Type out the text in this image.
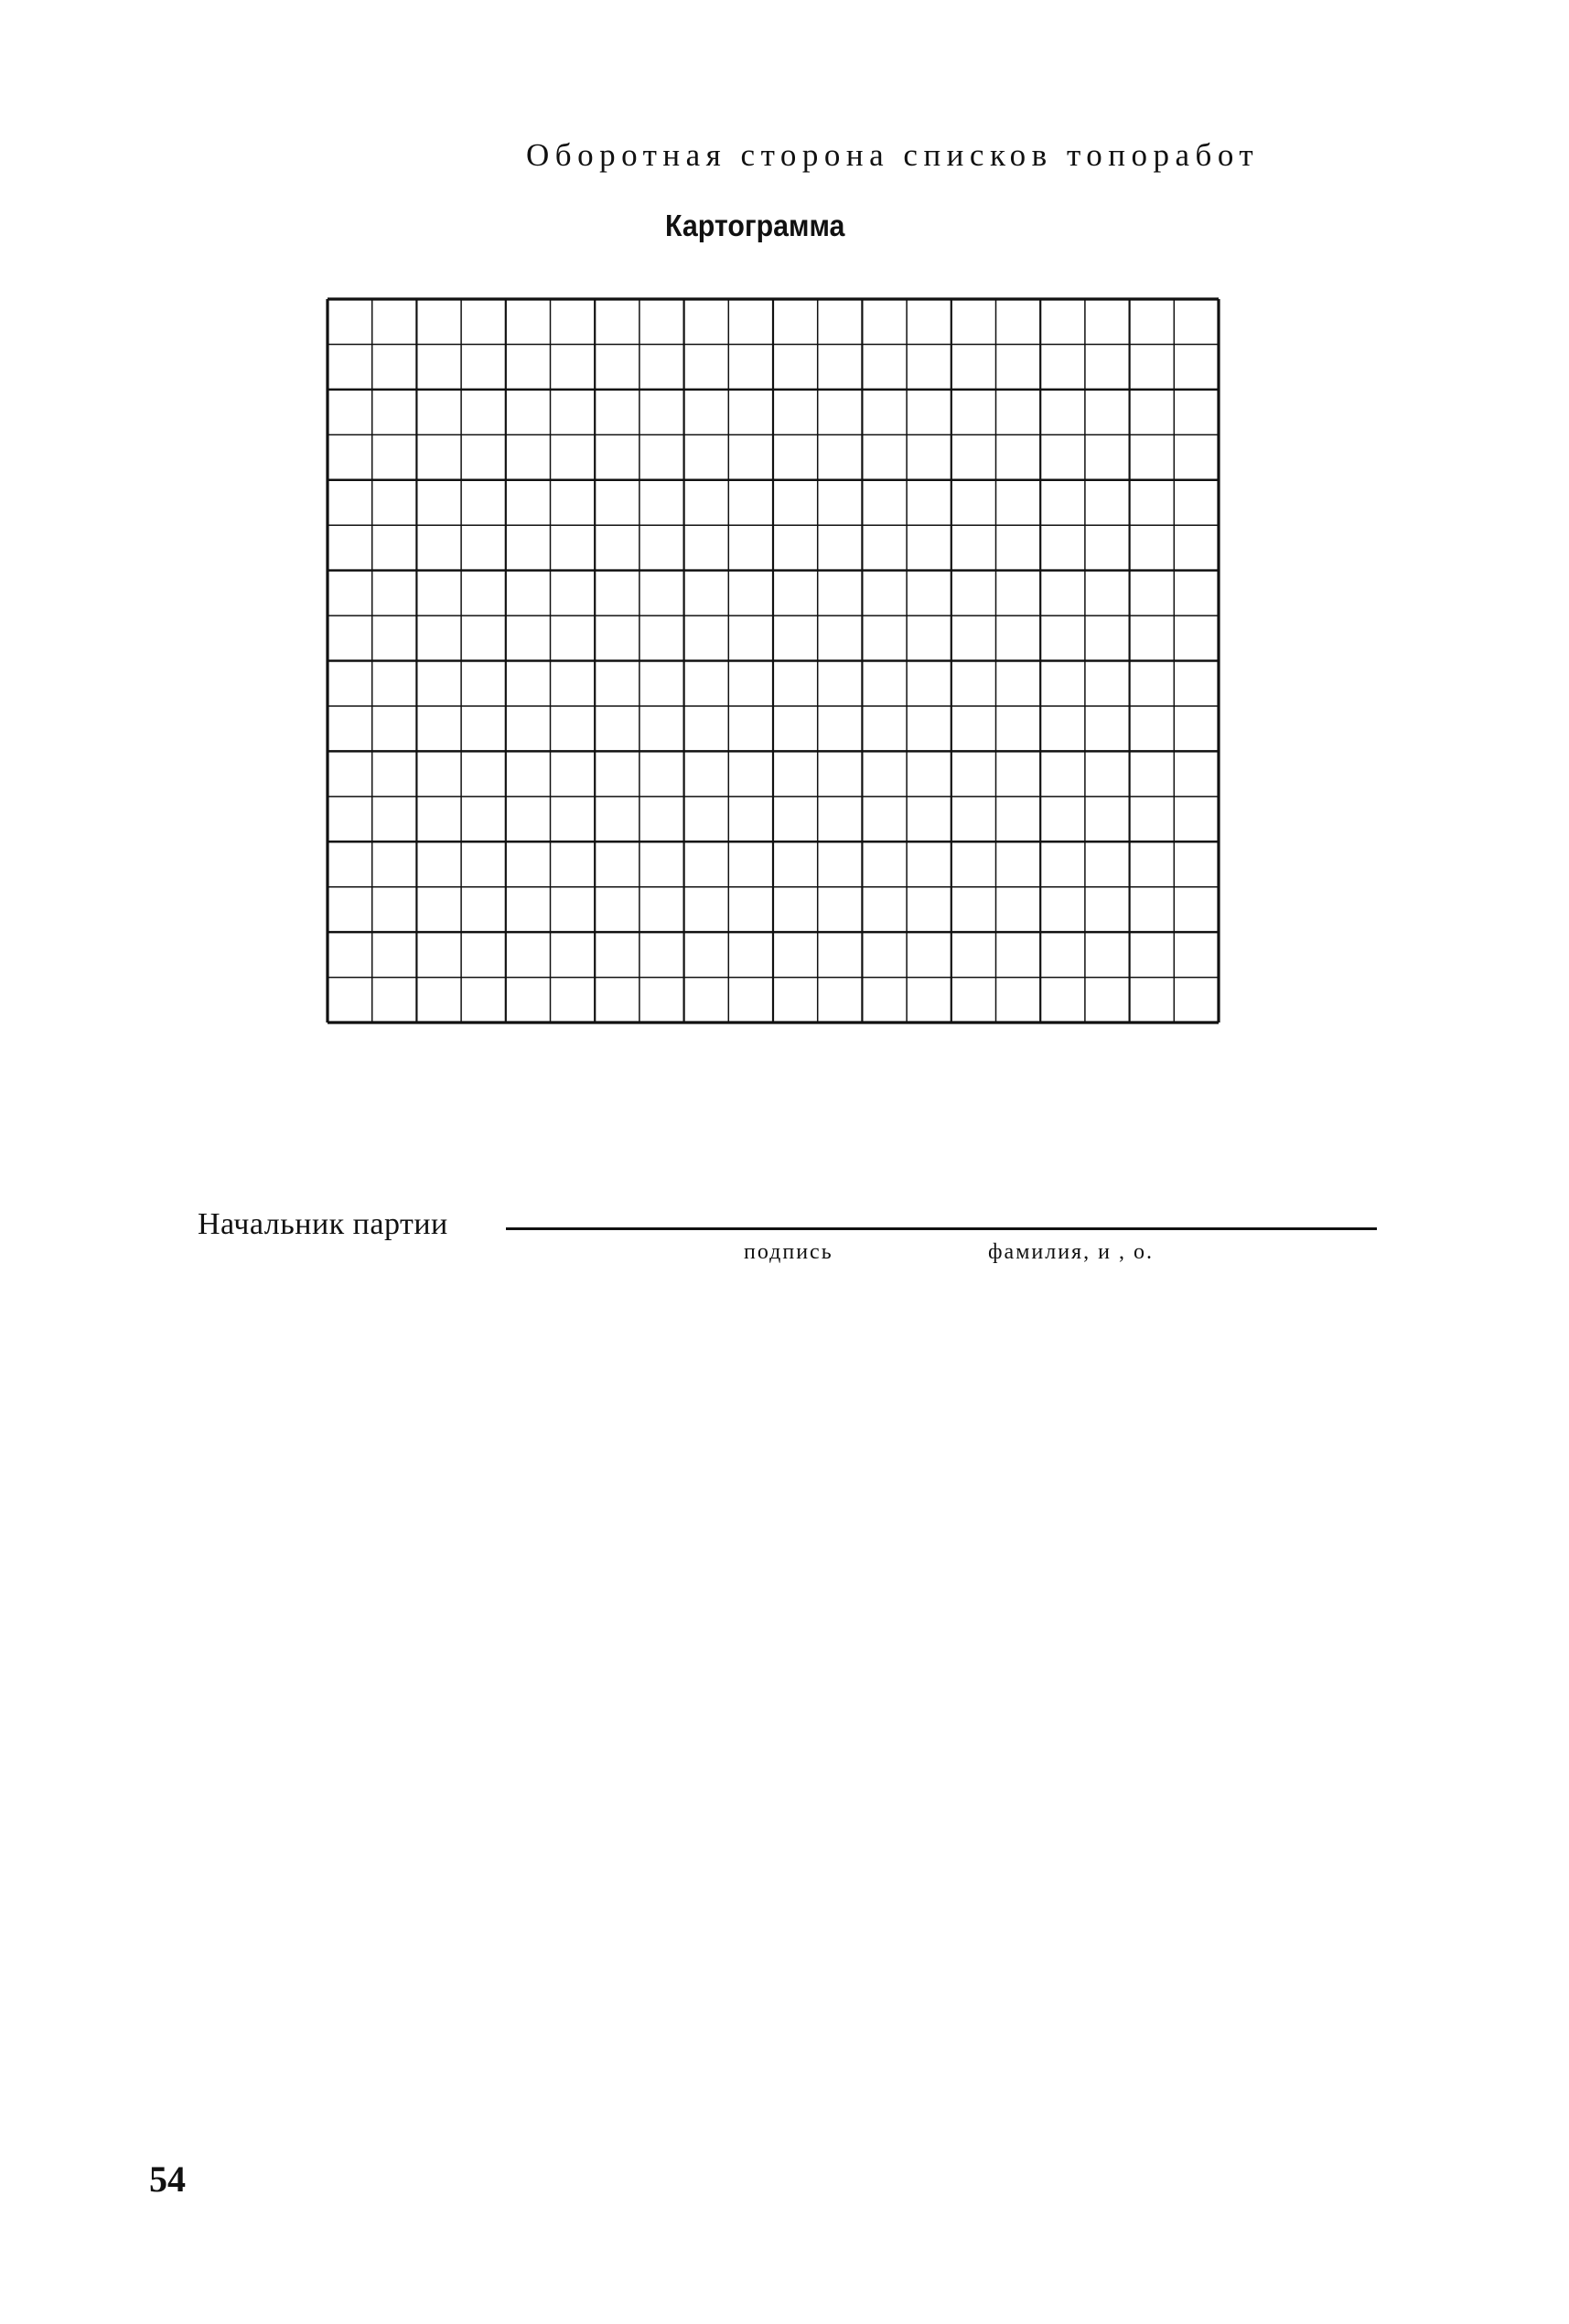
Оборотная сторона списков топоработ
Картограмма
Начальник партии
подпись	фамилия, и , о.
54
